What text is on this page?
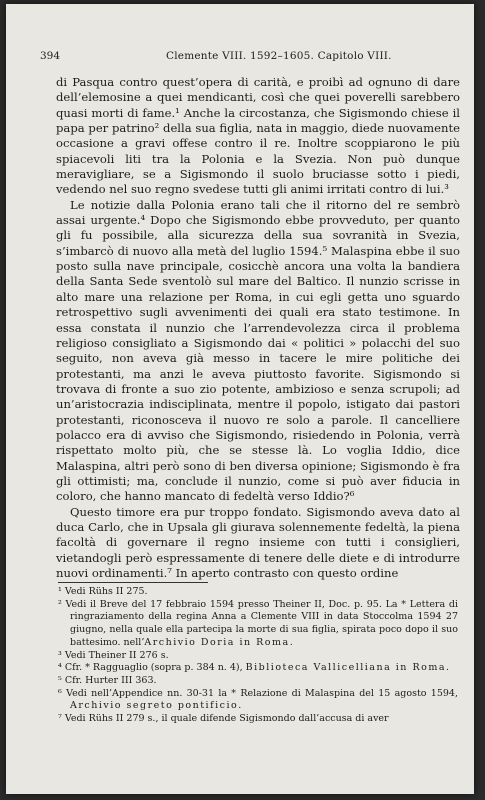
394	Clemente VIII. 1592–1605. Capitolo VIII.

di Pasqua contro quest’opera di carità, e proibì ad ognuno di dare dell’elemosine a quei mendicanti, così che quei poverelli sarebbero quasi morti di fame.¹ Anche la circostanza, che Sigismondo chiese il papa per patrino² della sua figlia, nata in maggio, diede nuovamente occasione a gravi offese contro il re. Inoltre scoppiarono le più spiacevoli liti tra la Polonia e la Svezia. Non può dunque meravigliare, se a Sigismondo il suolo bruciasse sotto i piedi, vedendo nel suo regno svedese tutti gli animi irritati contro di lui.³

Le notizie dalla Polonia erano tali che il ritorno del re sembrò assai urgente.⁴ Dopo che Sigismondo ebbe provveduto, per quanto gli fu possibile, alla sicurezza della sua sovranità in Svezia, s’imbarcò di nuovo alla metà del luglio 1594.⁵ Malaspina ebbe il suo posto sulla nave principale, cosicchè ancora una volta la bandiera della Santa Sede sventolò sul mare del Baltico. Il nunzio scrisse in alto mare una relazione per Roma, in cui egli getta uno sguardo retrospettivo sugli avvenimenti dei quali era stato testimone. In essa constata il nunzio che l’arrendevolezza circa il problema religioso consigliato a Sigismondo dai « politici » polacchi del suo seguito, non aveva già messo in tacere le mire politiche dei protestanti, ma anzi le aveva piuttosto favorite. Sigismondo si trovava di fronte a suo zio potente, ambizioso e senza scrupoli; ad un’aristocrazia indisciplinata, mentre il popolo, istigato dai pastori protestanti, riconosceva il nuovo re solo a parole. Il cancelliere polacco era di avviso che Sigismondo, risiedendo in Polonia, verrà rispettato molto più, che se stesse là. Lo voglia Iddio, dice Malaspina, altri però sono di ben diversa opinione; Sigismondo è fra gli ottimisti; ma, conclude il nunzio, come si può aver fiducia in coloro, che hanno mancato di fedeltà verso Iddio?⁶

Questo timore era pur troppo fondato. Sigismondo aveva dato al duca Carlo, che in Upsala gli giurava solennemente fedeltà, la piena facoltà di governare il regno insieme con tutti i consiglieri, vietandogli però espressamente di tenere delle diete e di introdurre nuovi ordinamenti.⁷ In aperto contrasto con questo ordine

¹ Vedi Rühs II 275.

² Vedi il Breve del 17 febbraio 1594 presso Theiner II, Doc. p. 95. La * Lettera di ringraziamento della regina Anna a Clemente VIII in data Stoccolma 1594 27 giugno, nella quale ella partecipa la morte di sua figlia, spirata poco dopo il suo battesimo. nell’Archivio Doria in Roma.

³ Vedi Theiner II 276 s.

⁴ Cfr. * Ragguaglio (sopra p. 384 n. 4), Biblioteca Vallicelliana in Roma.

⁵ Cfr. Hurter III 363.

⁶ Vedi nell’Appendice nn. 30-31 la * Relazione di Malaspina del 15 agosto 1594, Archivio segreto pontificio.

⁷ Vedi Rühs II 279 s., il quale difende Sigismondo dall’accusa di aver
